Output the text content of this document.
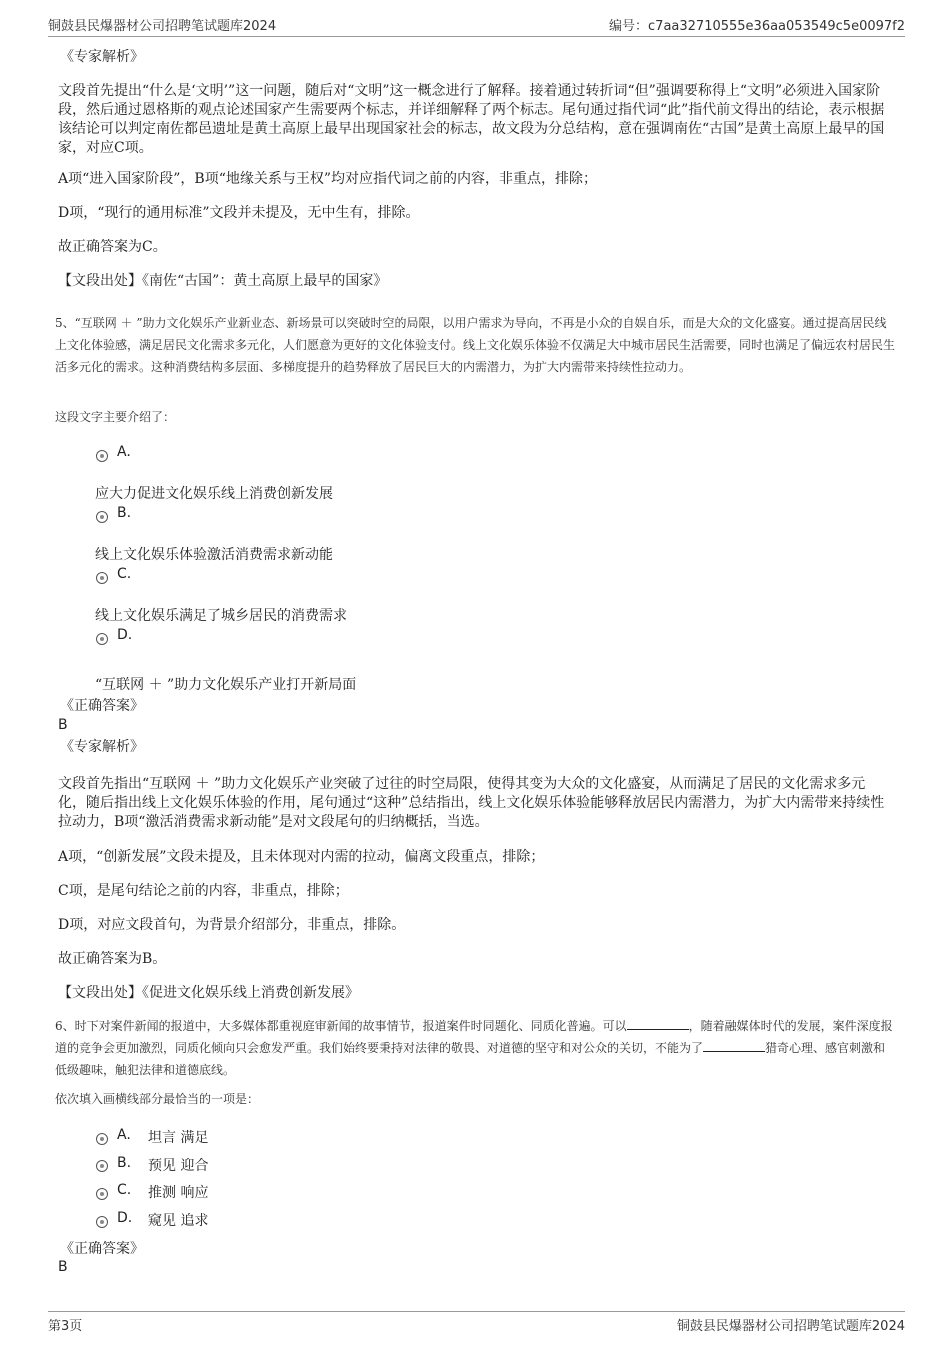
铜鼓县民爆器材公司招聘笔试题库2024	编号：c7aa32710555e36aa053549c5e0097f2
《专家解析》
文段首先提出“什么是‘文明’”这一问题，随后对“文明”这一概念进行了解释。接着通过转折词“但”强调要称得上“文明”必须进入国家阶段，然后通过恩格斯的观点论述国家产生需要两个标志，并详细解释了两个标志。尾句通过指代词“此”指代前文得出的结论，表示根据该结论可以判定南佐都邑遗址是黄土高原上最早出现国家社会的标志，故文段为分总结构，意在强调南佐“古国”是黄土高原上最早的国家，对应C项。
A项“进入国家阶段”，B项“地缘关系与王权”均对应指代词之前的内容，非重点，排除；
D项，“现行的通用标准”文段并未提及，无中生有，排除。
故正确答案为C。
【文段出处】《南佐“古国”：黄土高原上最早的国家》
5、“互联网 ＋ ”助力文化娱乐产业新业态、新场景可以突破时空的局限，以用户需求为导向，不再是小众的自娱自乐，而是大众的文化盛宴。通过提高居民线上文化体验感，满足居民文化需求多元化，人们愿意为更好的文化体验支付。线上文化娱乐体验不仅满足大中城市居民生活需要，同时也满足了偏远农村居民生活多元化的需求。这种消费结构多层面、多梯度提升的趋势释放了居民巨大的内需潜力，为扩大内需带来持续性拉动力。
这段文字主要介绍了：
A.
应大力促进文化娱乐线上消费创新发展
B.
线上文化娱乐体验激活消费需求新动能
C.
线上文化娱乐满足了城乡居民的消费需求
D.
“互联网 ＋ ”助力文化娱乐产业打开新局面
《正确答案》
B
《专家解析》
文段首先指出“互联网 ＋ ”助力文化娱乐产业突破了过往的时空局限，使得其变为大众的文化盛宴，从而满足了居民的文化需求多元化，随后指出线上文化娱乐体验的作用，尾句通过“这种”总结指出，线上文化娱乐体验能够释放居民内需潜力，为扩大内需带来持续性拉动力，B项“激活消费需求新动能”是对文段尾句的归纳概括，当选。
A项，“创新发展”文段未提及，且未体现对内需的拉动，偏离文段重点，排除；
C项，是尾句结论之前的内容，非重点，排除；
D项，对应文段首句，为背景介绍部分，非重点，排除。
故正确答案为B。
【文段出处】《促进文化娱乐线上消费创新发展》
6、时下对案件新闻的报道中，大多媒体都重视庭审新闻的故事情节，报道案件时同题化、同质化普遍。可以	，随着融媒体时代的发展，案件深度报道的竞争会更加激烈，同质化倾向只会愈发严重。我们始终要秉持对法律的敬畏、对道德的坚守和对公众的关切，不能为了	猎奇心理、感官刺激和低级趣味，触犯法律和道德底线。
依次填入画横线部分最恰当的一项是：
A. 坦言 满足
B. 预见 迎合
C. 推测 响应
D. 窥见 追求
《正确答案》
B
第3页	铜鼓县民爆器材公司招聘笔试题库2024
